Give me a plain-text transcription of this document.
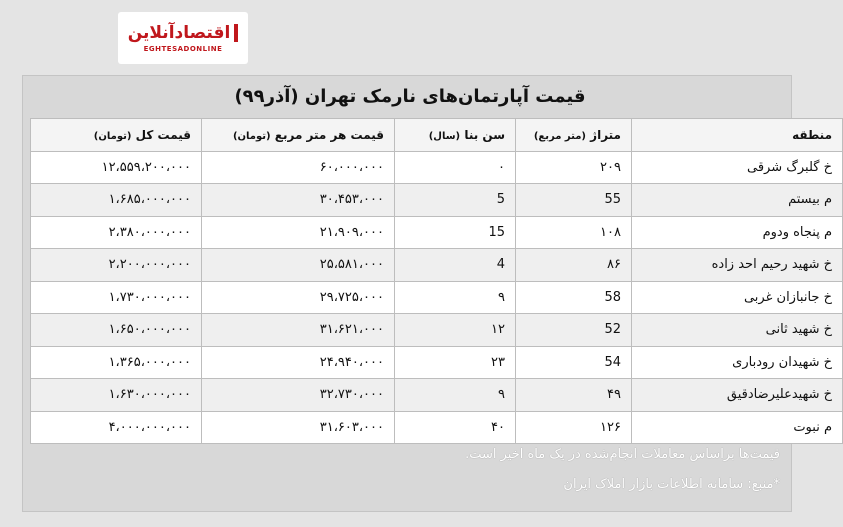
اقتصادآنلاین
EGHTESADONLINE
قیمت آپارتمان‌های نارمک تهران (آذر۹۹)
منطقه	متراژ (متر مربع)	سن بنا (سال)	قیمت هر متر مربع (تومان)	قیمت کل (تومان)
خ گلبرگ شرقی	۲۰۹	۰	۶۰،۰۰۰،۰۰۰	۱۲،۵۵۹،۲۰۰،۰۰۰
م بیستم	55	5	۳۰،۴۵۳،۰۰۰	۱،۶۸۵،۰۰۰،۰۰۰
م پنجاه ودوم	۱۰۸	15	۲۱،۹۰۹،۰۰۰	۲،۳۸۰،۰۰۰،۰۰۰
خ شهید رحیم احد زاده	۸۶	4	۲۵،۵۸۱،۰۰۰	۲،۲۰۰،۰۰۰،۰۰۰
خ جانبازان غربی	58	۹	۲۹،۷۲۵،۰۰۰	۱،۷۳۰،۰۰۰،۰۰۰
خ شهید ثانی	52	۱۲	۳۱،۶۲۱،۰۰۰	۱،۶۵۰،۰۰۰،۰۰۰
خ شهیدان رودباری	54	۲۳	۲۴،۹۴۰،۰۰۰	۱،۳۶۵،۰۰۰،۰۰۰
خ شهیدعلیرضادقیق	۴۹	۹	۳۲،۷۳۰،۰۰۰	۱،۶۳۰،۰۰۰،۰۰۰
م نبوت	۱۲۶	۴۰	۳۱،۶۰۳،۰۰۰	۴،۰۰۰،۰۰۰،۰۰۰
قیمت‌ها براساس معاملات انجام‌شده در یک ماه اخیر است.
*منبع: سامانه اطلاعات بازار املاک ایران
